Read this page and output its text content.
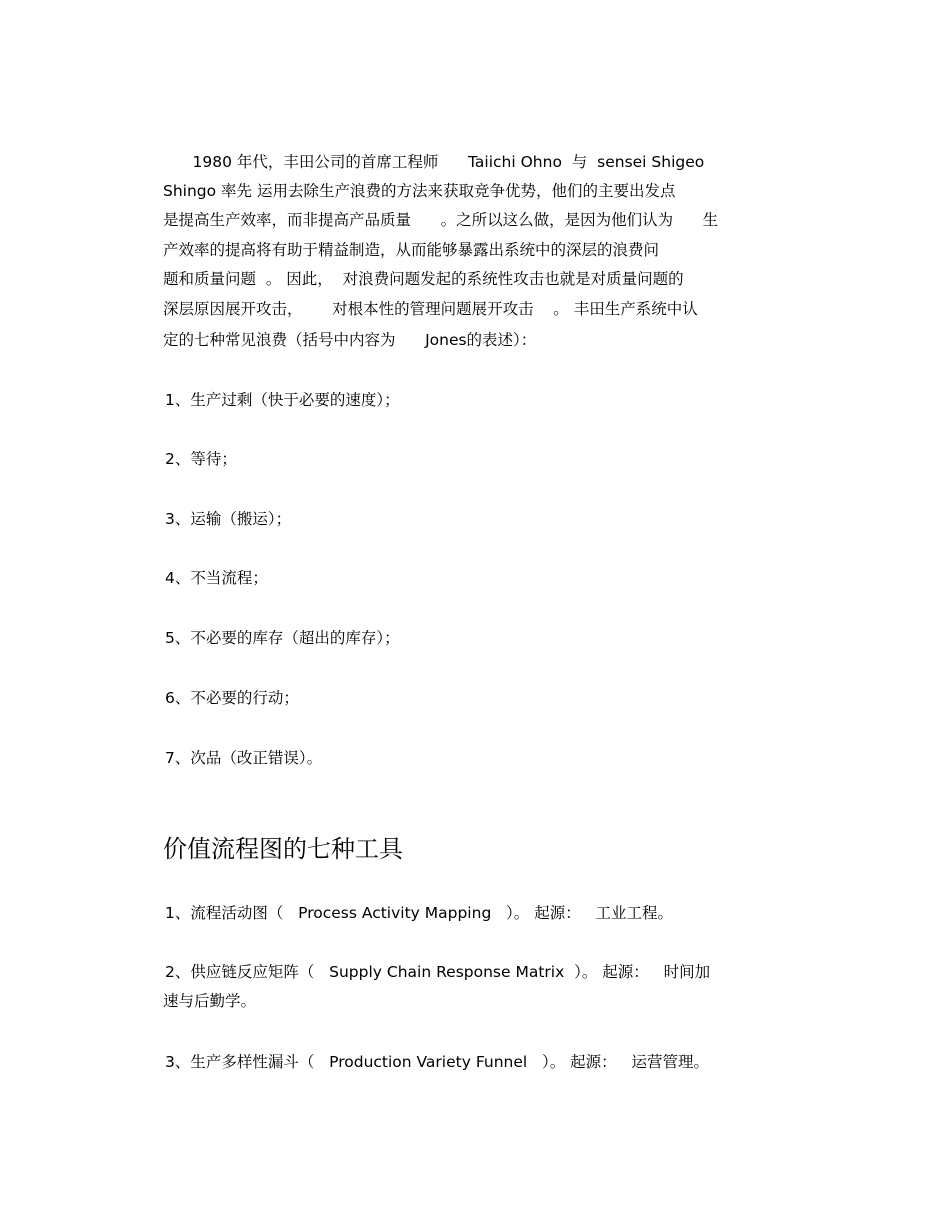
1980 年代，丰田公司的首席工程师      Taiichi Ohno  与  sensei Shigeo
Shingo 率先 运用去除生产浪费的方法来获取竞争优势，他们的主要出发点
是提高生产效率，而非提高产品质量      。之所以这么做，是因为他们认为      生
产效率的提高将有助于精益制造，从而能够暴露出系统中的深层的浪费问
题和质量问题  。 因此，  对浪费问题发起的系统性攻击也就是对质量问题的
深层原因展开攻击，      对根本性的管理问题展开攻击    。 丰田生产系统中认
定的七种常见浪费（括号中内容为      Jones的表述）：
1、生产过剩（快于必要的速度）；
2、等待；
3、运输（搬运）；
4、不当流程；
5、不必要的库存（超出的库存）；
6、不必要的行动；
7、次品（改正错误）。
价值流程图的七种工具
1、流程活动图（   Process Activity Mapping   ）。 起源：   工业工程。
2、供应链反应矩阵（   Supply Chain Response Matrix  ）。 起源：   时间加
速与后勤学。
3、生产多样性漏斗（   Production Variety Funnel   ）。 起源：   运营管理。
